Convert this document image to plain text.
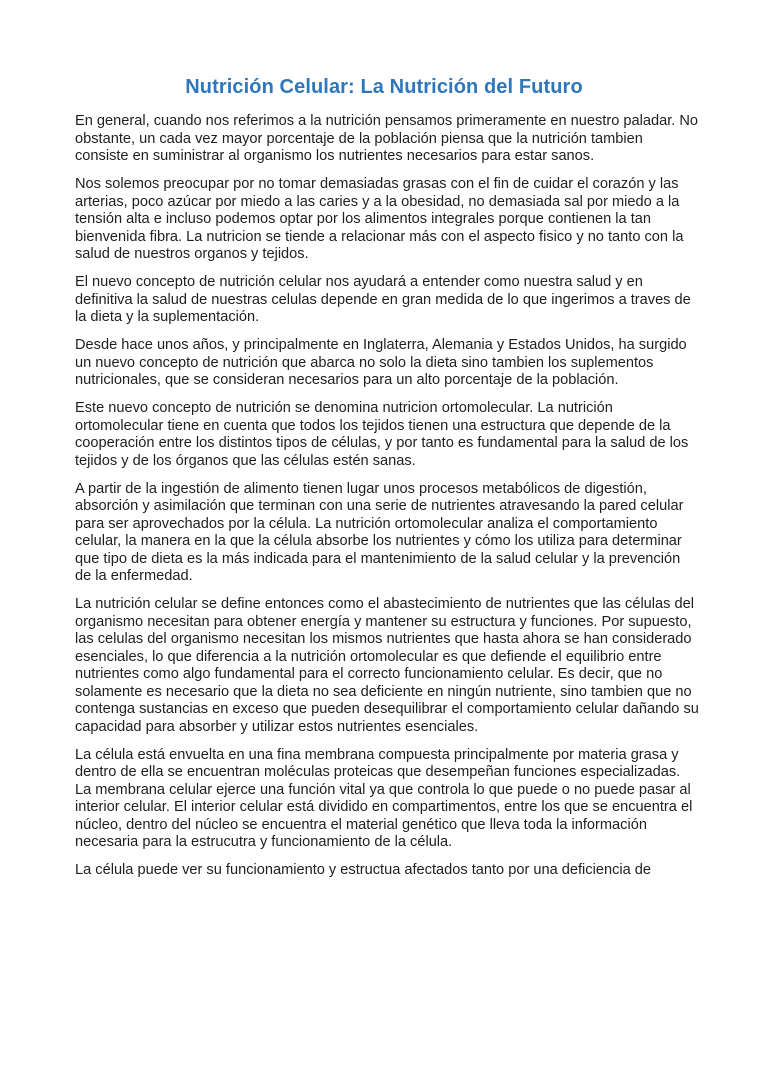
Nutrición Celular: La Nutrición del Futuro

En general, cuando nos referimos a la nutrición pensamos primeramente en nuestro paladar. No obstante, un cada vez mayor porcentaje de la población piensa que la nutrición tambien consiste en suministrar al organismo los nutrientes necesarios para estar sanos.

Nos solemos preocupar por no tomar demasiadas grasas con el fin de cuidar el corazón y las arterias, poco azúcar por miedo a las caries y a la obesidad, no demasiada sal por miedo a la tensión alta e incluso podemos optar por los alimentos integrales porque contienen la tan bienvenida fibra. La nutricion se tiende a relacionar más con el aspecto fisico y no tanto con la salud de nuestros organos y tejidos.

El nuevo concepto de nutrición celular nos ayudará a entender como nuestra salud y en definitiva la salud de nuestras celulas depende en gran medida de lo que ingerimos a traves de la dieta y la suplementación.

Desde hace unos años, y principalmente en Inglaterra, Alemania y Estados Unidos, ha surgido un nuevo concepto de nutrición que abarca no solo la dieta sino tambien los suplementos nutricionales, que se consideran necesarios para un alto porcentaje de la población.

Este nuevo concepto de nutrición se denomina nutricion ortomolecular. La nutrición ortomolecular tiene en cuenta que todos los tejidos tienen una estructura que depende de la cooperación entre los distintos tipos de células, y por tanto es fundamental para la salud de los tejidos y de los órganos que las células estén sanas.

A partir de la ingestión de alimento tienen lugar unos procesos metabólicos de digestión, absorción y asimilación que terminan con una serie de nutrientes atravesando la pared celular para ser aprovechados por la célula. La nutrición ortomolecular analiza el comportamiento celular, la manera en la que la célula absorbe los nutrientes y cómo los utiliza para determinar que tipo de dieta es la más indicada para el mantenimiento de la salud celular y la prevención de la enfermedad.

La nutrición celular se define entonces como el abastecimiento de nutrientes que las células del organismo necesitan para obtener energía y mantener su estructura y funciones. Por supuesto, las celulas del organismo necesitan los mismos nutrientes que hasta ahora se han considerado esenciales, lo que diferencia a la nutrición ortomolecular es que defiende el equilibrio entre nutrientes como algo fundamental para el correcto funcionamiento celular. Es decir, que no solamente es necesario que la dieta no sea deficiente en ningún nutriente, sino tambien que no contenga sustancias en exceso que pueden desequilibrar el comportamiento celular dañando su capacidad para absorber y utilizar estos nutrientes esenciales.

La célula está envuelta en una fina membrana compuesta principalmente por materia grasa y dentro de ella se encuentran moléculas proteicas que desempeñan funciones especializadas. La membrana celular ejerce una función vital ya que controla lo que puede o no puede pasar al interior celular. El interior celular está dividido en compartimentos, entre los que se encuentra el núcleo, dentro del núcleo se encuentra el material genético que lleva toda la información necesaria para la estrucutra y funcionamiento de la célula.

La célula puede ver su funcionamiento y estructua afectados tanto por una deficiencia de
